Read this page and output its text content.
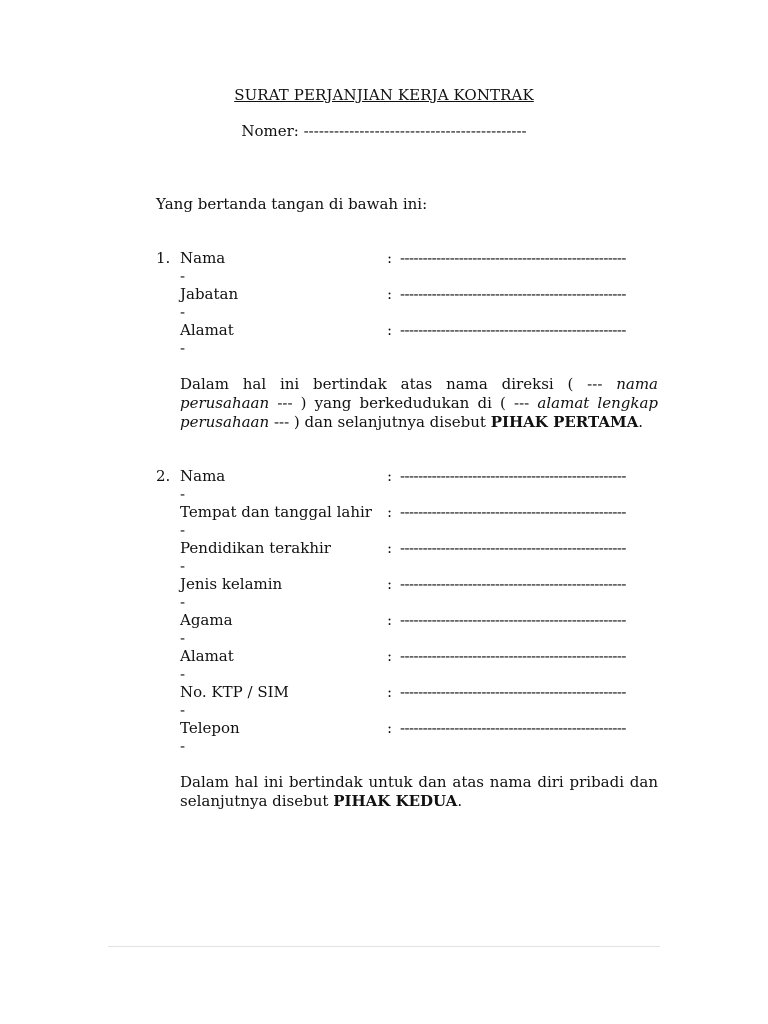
SURAT PERJANJIAN KERJA KONTRAK
Nomer: --------------------------------------------
Yang bertanda tangan di bawah ini:
1. Nama	: --------------------------------------------------
-
Jabatan	: --------------------------------------------------
-
Alamat	: --------------------------------------------------
-
Dalam hal ini bertindak atas nama direksi ( --- nama perusahaan --- ) yang berkedudukan di ( --- alamat lengkap perusahaan --- ) dan selanjutnya disebut PIHAK PERTAMA.
2. Nama	: --------------------------------------------------
-
Tempat dan tanggal lahir : --------------------------------------------------
-
Pendidikan terakhir	: --------------------------------------------------
-
Jenis kelamin	: --------------------------------------------------
-
Agama	: --------------------------------------------------
-
Alamat	: --------------------------------------------------
-
No. KTP / SIM	: --------------------------------------------------
-
Telepon	: --------------------------------------------------
-
Dalam hal ini bertindak untuk dan atas nama diri pribadi dan selanjutnya disebut PIHAK KEDUA.
